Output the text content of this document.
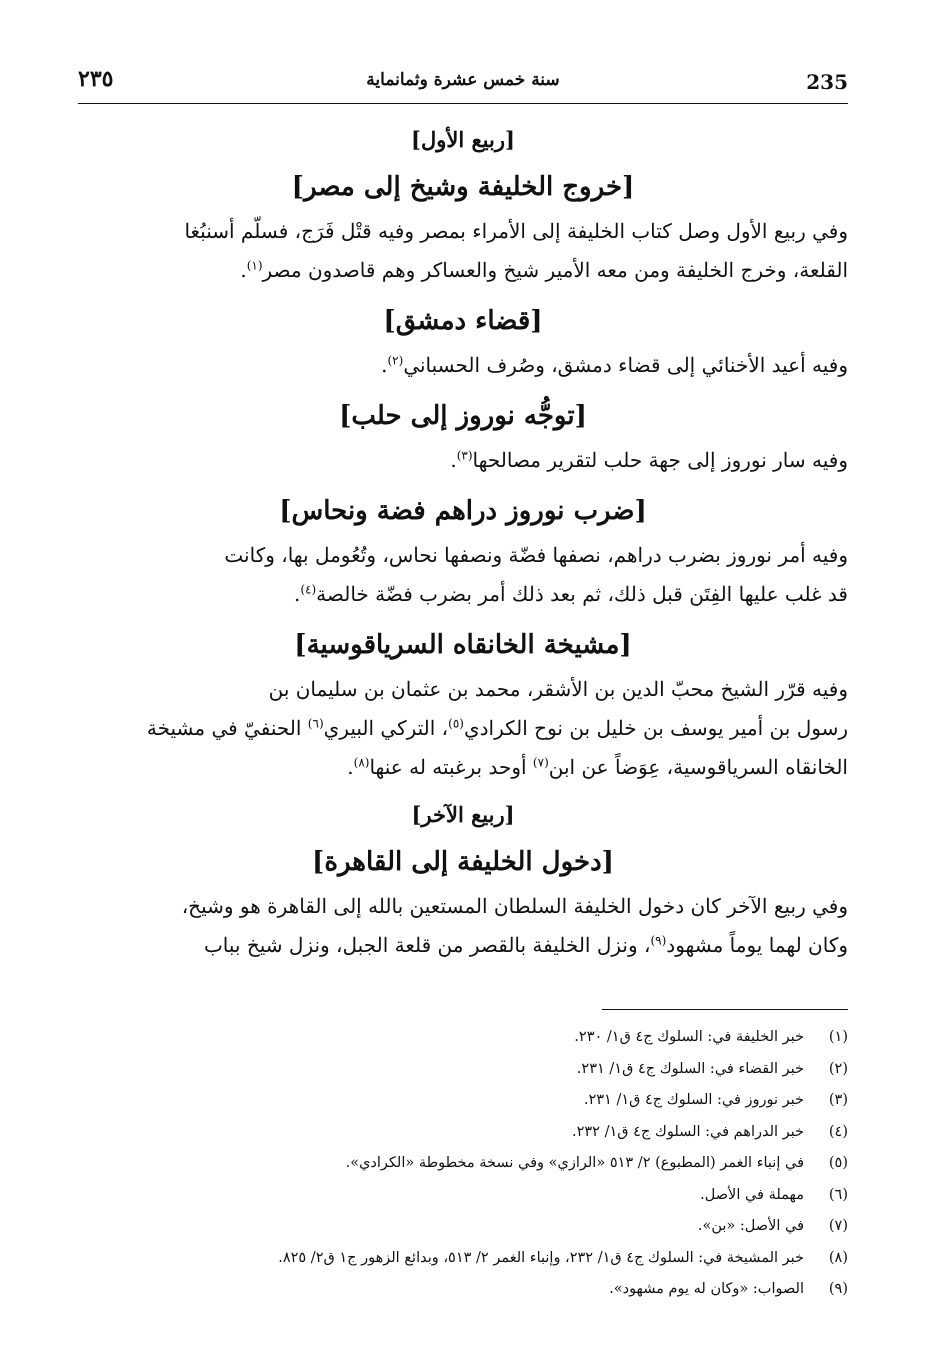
235
سنة خمس عشرة وثمانماية
٢٣٥

[ربيع الأول]

[خروج الخليفة وشيخ إلى مصر]

وفي ربيع الأول وصل كتاب الخليفة إلى الأمراء بمصر وفيه قتْل فَرَج، فسلّم أسنبُغا
القلعة، وخرج الخليفة ومن معه الأمير شيخ والعساكر وهم قاصدون مصر$^{(١)}$.

[قضاء دمشق]

وفيه أعيد الأخنائي إلى قضاء دمشق، وصُرف الحسباني$^{(٢)}$.

[توجُّه نوروز إلى حلب]

وفيه سار نوروز إلى جهة حلب لتقرير مصالحها$^{(٣)}$.

[ضرب نوروز دراهم فضة ونحاس]

وفيه أمر نوروز بضرب دراهم، نصفها فضّة ونصفها نحاس، وتُعُومل بها، وكانت
قد غلب عليها الفِتَن قبل ذلك، ثم بعد ذلك أمر بضرب فضّة خالصة$^{(٤)}$.

[مشيخة الخانقاه السرياقوسية]

وفيه قرّر الشيخ محبّ الدين بن الأشقر، محمد بن عثمان بن سليمان بن
رسول بن أمير يوسف بن خليل بن نوح الكرادي$^{(٥)}$، التركي البيري$^{(٦)}$ الحنفيّ في مشيخة
الخانقاه السرياقوسية، عِوَضاً عن ابن$^{(٧)}$ أوحد برغبته له عنها$^{(٨)}$.

[ربيع الآخر]

[دخول الخليفة إلى القاهرة]

وفي ربيع الآخر كان دخول الخليفة السلطان المستعين بالله إلى القاهرة هو وشيخ،
وكان لهما يوماً مشهود$^{(٩)}$، ونزل الخليفة بالقصر من قلعة الجبل، ونزل شيخ بباب

(١)خبر الخليفة في: السلوك ج٤ ق١/ ٢٣٠.
(٢)خبر القضاء في: السلوك ج٤ ق١/ ٢٣١.
(٣)خبر نوروز في: السلوك ج٤ ق١/ ٢٣١.
(٤)خبر الدراهم في: السلوك ج٤ ق١/ ٢٣٢.
(٥)في إنباء الغمر (المطبوع) ٢/ ٥١٣ «الرازي» وفي نسخة مخطوطة «الكرادي».
(٦)مهملة في الأصل.
(٧)في الأصل: «بن».
(٨)خبر المشيخة في: السلوك ج٤ ق١/ ٢٣٢، وإنباء الغمر ٢/ ٥١٣، وبدائع الزهور ج١ ق٢/ ٨٢٥.
(٩)الصواب: «وكان له يوم مشهود».
